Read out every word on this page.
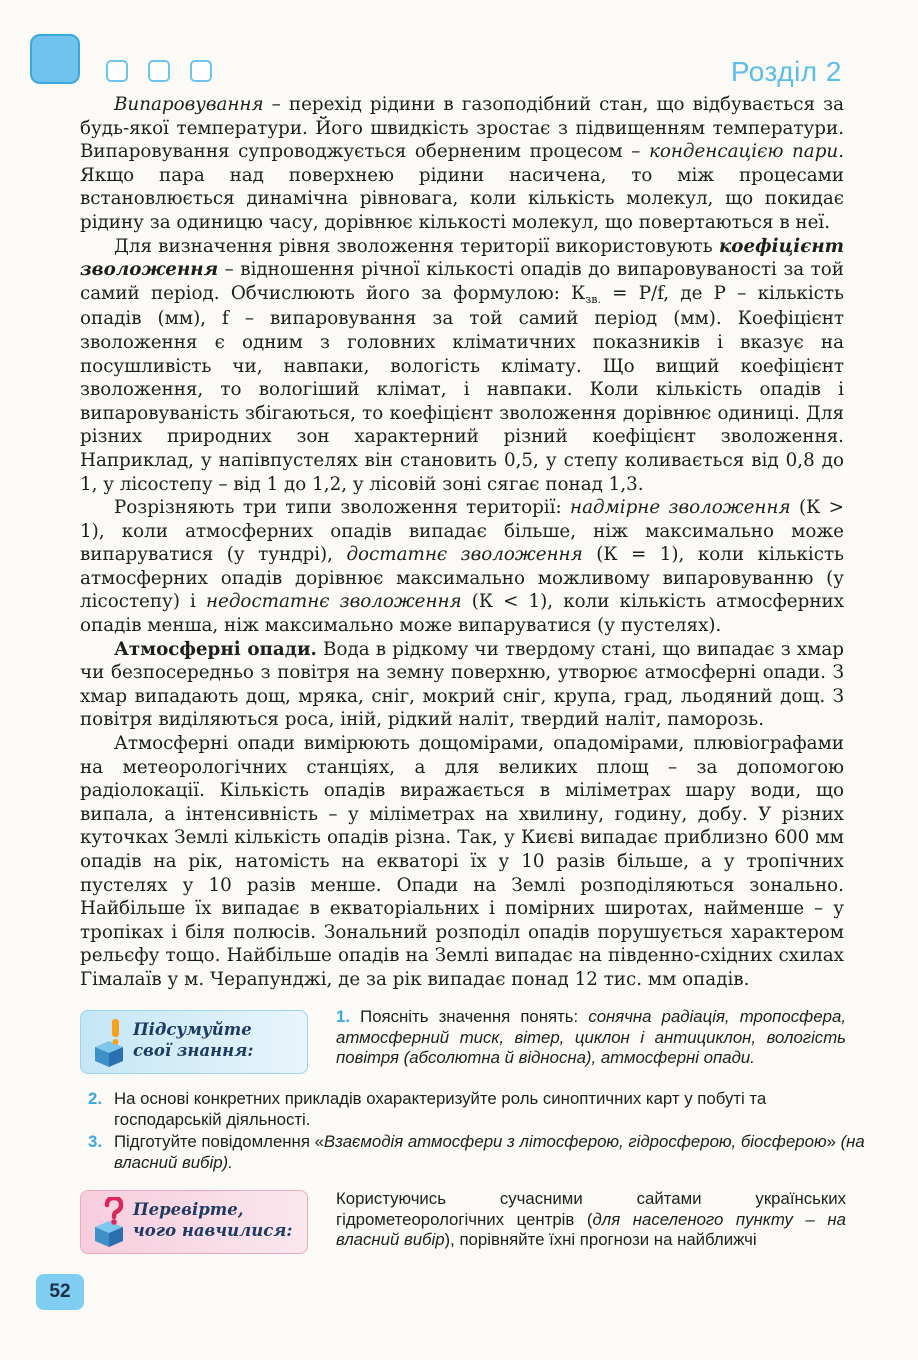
Розділ 2

Випаровування – перехід рідини в газоподібний стан, що відбувається за будь-якої температури. Його швидкість зростає з підвищенням температури. Випаровування супроводжується оберненим процесом – конденсацією пари. Якщо пара над поверхнею рідини насичена, то між процесами встановлюється динамічна рівновага, коли кількість молекул, що покидає рідину за одиницю часу, дорівнює кількості молекул, що повертаються в неї.

Для визначення рівня зволоження території використовують коефіцієнт зволоження – відношення річної кількості опадів до випаровуваності за той самий період. Обчислюють його за формулою: $К_{зв.} = P/f$, де P – кількість опадів (мм), f – випаровування за той самий період (мм). Коефіцієнт зволоження є одним з головних кліматичних показників і вказує на посушливість чи, навпаки, вологість клімату. Що вищий коефіцієнт зволоження, то вологіший клімат, і навпаки. Коли кількість опадів і випаровуваність збігаються, то коефіцієнт зволоження дорівнює одиниці. Для різних природних зон характерний різний коефіцієнт зволоження. Наприклад, у напівпустелях він становить 0,5, у степу коливається від 0,8 до 1, у лісостепу – від 1 до 1,2, у лісовій зоні сягає понад 1,3.

Розрізняють три типи зволоження території: надмірне зволоження (К > 1), коли атмосферних опадів випадає більше, ніж максимально може випаруватися (у тундрі), достатнє зволоження (К = 1), коли кількість атмосферних опадів дорівнює максимально можливому випаровуванню (у лісостепу) і недостатнє зволоження (К < 1), коли кількість атмосферних опадів менша, ніж максимально може випаруватися (у пустелях).

Атмосферні опади. Вода в рідкому чи твердому стані, що випадає з хмар чи безпосередньо з повітря на земну поверхню, утворює атмосферні опади. З хмар випадають дощ, мряка, сніг, мокрий сніг, крупа, град, льодяний дощ. З повітря виділяються роса, іній, рідкий наліт, твердий наліт, паморозь.

Атмосферні опади вимірюють дощомірами, опадомірами, плювіографами на метеорологічних станціях, а для великих площ – за допомогою радіолокації. Кількість опадів виражається в міліметрах шару води, що випала, а інтенсивність – у міліметрах на хвилину, годину, добу. У різних куточках Землі кількість опадів різна. Так, у Києві випадає приблизно 600 мм опадів на рік, натомість на екваторі їх у 10 разів більше, а у тропічних пустелях у 10 разів менше. Опади на Землі розподіляються зонально. Найбільше їх випадає в екваторіальних і помірних широтах, найменше – у тропіках і біля полюсів. Зональний розподіл опадів порушується характером рельєфу тощо. Найбільше опадів на Землі випадає на південно-східних схилах Гімалаїв у м. Черапунджі, де за рік випадає понад 12 тис. мм опадів.

Підсумуйте
свої знання:
1. Поясніть значення понять: сонячна радіація, тропосфера, атмосферний тиск, вітер, циклон і антициклон, вологість повітря (абсолютна й відносна), атмосферні опади.
2. На основі конкретних прикладів охарактеризуйте роль синоптичних карт у побуті та господарській діяльності.
3. Підготуйте повідомлення «Взаємодія атмосфери з літосферою, гідросферою, біосферою» (на власний вибір).
Перевірте,
чого навчилися:
Користуючись сучасними сайтами українських гідрометеорологічних центрів (для населеного пункту – на власний вибір), порівняйте їхні прогнози на найближчі
52
